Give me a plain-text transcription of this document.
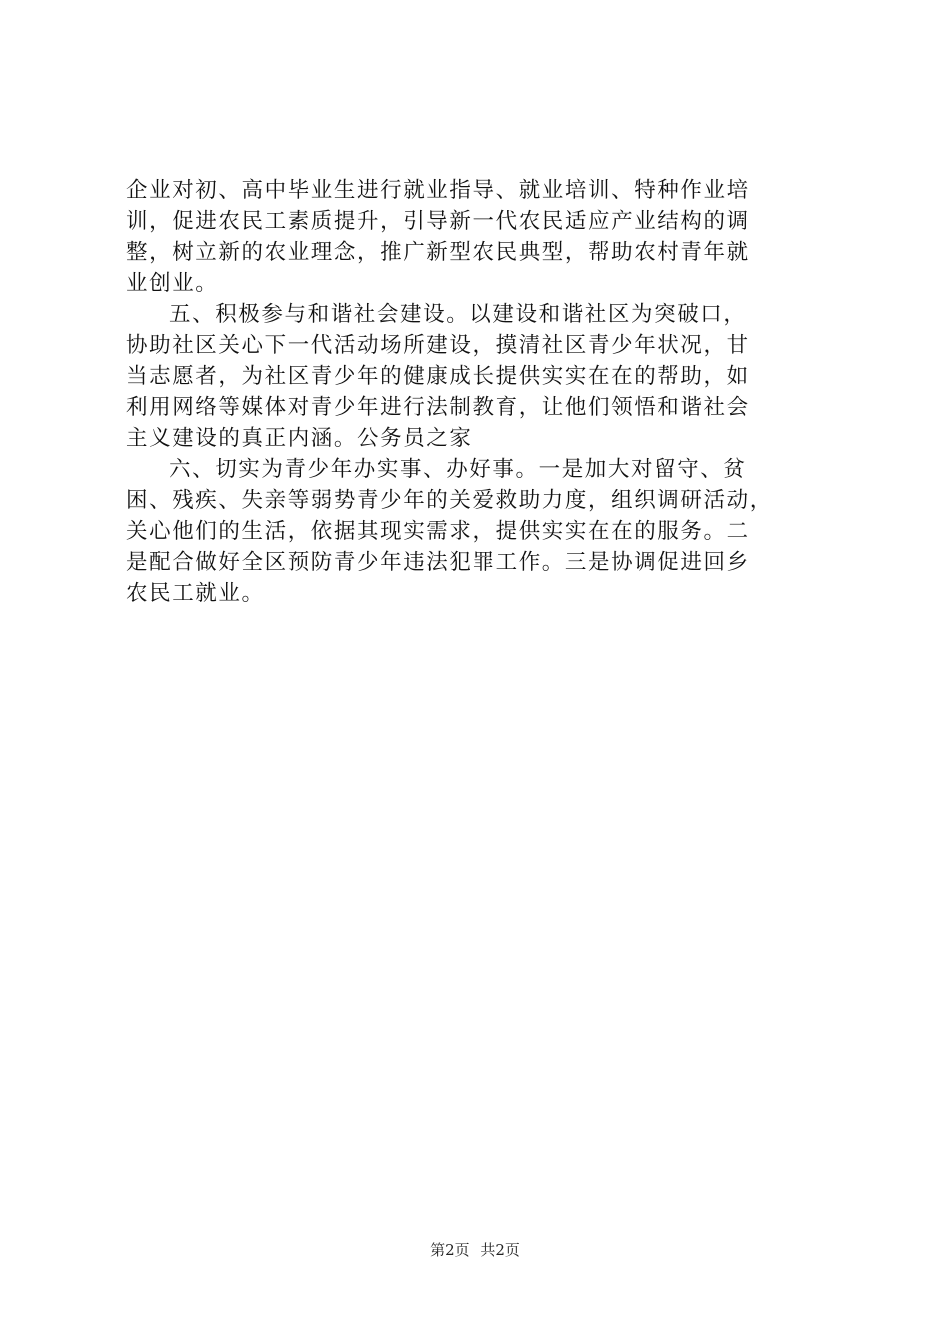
企业对初、高中毕业生进行就业指导、就业培训、特种作业培
训，促进农民工素质提升，引导新一代农民适应产业结构的调
整，树立新的农业理念，推广新型农民典型，帮助农村青年就
业创业。
五、积极参与和谐社会建设。以建设和谐社区为突破口，
协助社区关心下一代活动场所建设，摸清社区青少年状况，甘
当志愿者，为社区青少年的健康成长提供实实在在的帮助，如
利用网络等媒体对青少年进行法制教育，让他们领悟和谐社会
主义建设的真正内涵。公务员之家
六、切实为青少年办实事、办好事。一是加大对留守、贫
困、残疾、失亲等弱势青少年的关爱救助力度，组织调研活动，
关心他们的生活，依据其现实需求，提供实实在在的服务。二
是配合做好全区预防青少年违法犯罪工作。三是协调促进回乡
农民工就业。
第2页 共2页
